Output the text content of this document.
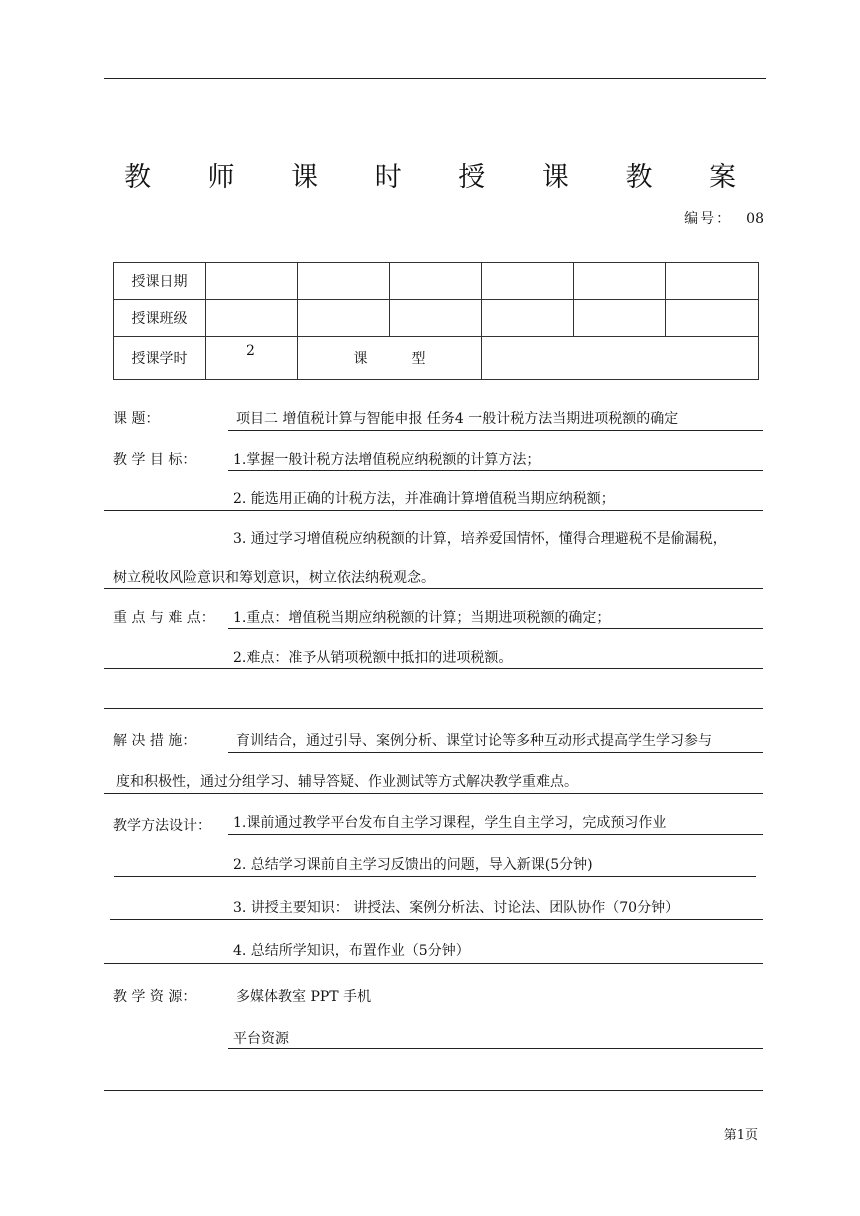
教 师 课 时 授 课 教 案
编号： 08
授课日期						
授课班级						
授课学时	2	课型				
课 题：	项目二 增值税计算与智能申报 任务4 一般计税方法当期进项税额的确定
教 学 目 标：	1.掌握一般计税方法增值税应纳税额的计算方法；
2. 能选用正确的计税方法，并准确计算增值税当期应纳税额；
3. 通过学习增值税应纳税额的计算，培养爱国情怀，懂得合理避税不是偷漏税，
树立税收风险意识和筹划意识，树立依法纳税观念。
重 点 与 难 点： 1.重点：增值税当期应纳税额的计算；当期进项税额的确定；
2.难点：准予从销项税额中抵扣的进项税额。
解 决 措 施：	育训结合，通过引导、案例分析、课堂讨论等多种互动形式提高学生学习参与
度和积极性，通过分组学习、辅导答疑、作业测试等方式解决教学重难点。
教学方法设计： 1.课前通过教学平台发布自主学习课程，学生自主学习，完成预习作业
2. 总结学习课前自主学习反馈出的问题，导入新课(5分钟)
3. 讲授主要知识： 讲授法、案例分析法、讨论法、团队协作（70分钟）
4. 总结所学知识，布置作业（5分钟）
教 学 资 源：	多媒体教室 PPT 手机
平台资源
第1页
